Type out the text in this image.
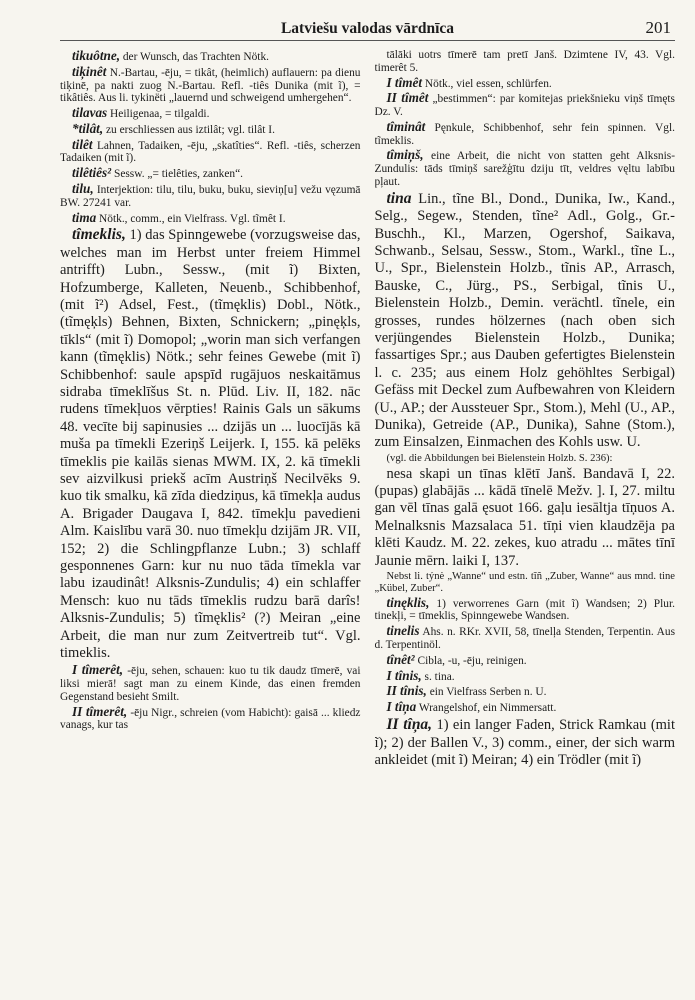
Latviešu valodas vārdnīca	201

tikuôtne, der Wunsch, das Trachten Nötk.

tiķinêt N.-Bartau, -ēju, = tikât, (heimlich) auflauern: pa dienu tiķinē, pa nakti zuog N.-Bartau. Refl. -tiês Dunika (mit ĩ), = tikâtiês. Aus li. tykinëti „lauernd und schweigend umhergehen“.

tilavas Heiligenaa, = tilgaldi.

*tilât, zu erschliessen aus iztilât; vgl. tilât I.

tilêt Lahnen, Tadaiken, -ēju, „skatîties“. Refl. -tiês, scherzen Tadaiken (mit ĩ).

tilêtiês² Sessw. „= tielêties, zanken“.

tilu, Interjektion: tilu, tilu, buku, buku, sieviņ[u] vežu vęzumā BW. 27241 var.

tima Nötk., comm., ein Vielfrass. Vgl. tĩmêt I.

tîmeklis, 1) das Spinngewebe (vorzugsweise das, welches man im Herbst unter freiem Himmel antrifft) Lubn., Sessw., (mit ĩ) Bixten, Hofzumberge, Kalleten, Neuenb., Schibbenhof, (mit ĩ²) Adsel, Fest., (tĩmęklis) Dobl., Nötk., (tĩmęķls) Behnen, Bixten, Schnickern; „pinęķls, tīkls“ (mit ĩ) Domopol; „worin man sich verfangen kann (tĩmęklis) Nötk.; sehr feines Gewebe (mit ĩ) Schibbenhof: saule apspīd rugājuos neskaitāmus sidraba tīmeklīšus St. n. Plūd. Liv. II, 182. nāc rudens tīmekļuos vērpties! Rainis Gals un sākums 48. vecīte bij sapinusies ... dzijās un ... luocījās kā muša pa tīmekli Ezeriņš Leijerk. I, 155. kā pelēks tīmeklis pie kailās sienas MWM. IX, 2. kā tīmekli sev aizvilkusi priekš acīm Austriņš Necilvēks 9. kuo tik smalku, kā zīda diedziņus, kā tīmekļa audus A. Brigader Daugava I, 842. tīmekļu pavedieni Alm. Kaislību varā 30. nuo tīmekļu dzijām JR. VII, 152; 2) die Schlingpflanze Lubn.; 3) schlaff gesponnenes Garn: kur nu nuo tāda tīmekla var labu izaudinât! Alksnis-Zundulis; 4) ein schlaffer Mensch: kuo nu tāds tīmeklis rudzu barā darîs! Alksnis-Zundulis; 5) tĩmęklis² (?) Meiran „eine Arbeit, die man nur zum Zeitvertreib tut“. Vgl. timeklis.

I tîmerêt, -ēju, sehen, schauen: kuo tu tik daudz tīmerē, vai liksi mierā! sagt man zu einem Kinde, das einen fremden Gegenstand besieht Smilt.

II tîmerêt, -ēju Nigr., schreien (vom Habicht): gaisā ... kliedz vanags, kur tas

tālāki uotrs tīmerē tam pretī Janš. Dzimtene IV, 43. Vgl. timerêt 5.

I tîmêt Nötk., viel essen, schlürfen.

II tîmêt „bestimmen“: par komitejas priekšnieku viņš tīmęts Dz. V.

tîminât Pęnkule, Schibbenhof, sehr fein spinnen. Vgl. tĩmeklis.

tîmiņš, eine Arbeit, die nicht von statten geht Alksnis-Zundulis: tāds tīmiņš sarežģītu dziju tīt, veldres vęltu labību pļaut.

tina Lin., tĩne Bl., Dond., Dunika, Iw., Kand., Selg., Segew., Stenden, tĩne² Adl., Golg., Gr.-Buschh., Kl., Marzen, Ogershof, Saikava, Schwanb., Selsau, Sessw., Stom., Warkl., tĩne L., U., Spr., Bielenstein Holzb., tĩnis AP., Arrasch, Bauske, C., Jürg., PS., Serbigal, tĩnis U., Bielenstein Holzb., Demin. verächtl. tĩnele, ein grosses, rundes hölzernes (nach oben sich verjüngendes Bielenstein Holzb., Dunika; fassartiges Spr.; aus Dauben gefertigtes Bielenstein l. c. 235; aus einem Holz gehöhltes Serbigal) Gefäss mit Deckel zum Aufbewahren von Kleidern (U., AP.; der Aussteuer Spr., Stom.), Mehl (U., AP., Dunika), Getreide (AP., Dunika), Sahne (Stom.), zum Einsalzen, Einmachen des Kohls usw. U.

(vgl. die Abbildungen bei Bielenstein Holzb. S. 236):

nesa skapi un tīnas klētī Janš. Bandavā I, 22. (pupas) glabājās ... kādā tīnelē Mežv. ]. I, 27. miltu gan vēl tīnas galā ęsuot 166. gaļu iesāltja tīņuos A. Melnalksnis Mazsalaca 51. tīņi vien klaudzēja pa klēti Kaudz. M. 22. zekes, kuo atradu ... mātes tīnī Jaunie mērn. laiki I, 137.

Nebst li. týnė „Wanne“ und estn. tĩñ „Zuber, Wanne“ aus mnd. tine „Kübel, Zuber“.

tinęklis, 1) verworrenes Garn (mit ĩ) Wandsen; 2) Plur. tinekļi, = tīmeklis, Spinngewebe Wandsen.

tinelis Ahs. n. RKr. XVII, 58, tīnelļa Stenden, Terpentin. Aus d. Terpentinöl.

tînêt² Cibla, -u, -ēju, reinigen.

I tînis, s. tina.

II tînis, ein Vielfrass Serben n. U.

I tîņa Wrangelshof, ein Nimmersatt.

II tîņa, 1) ein langer Faden, Strick Ramkau (mit ĩ); 2) der Ballen V., 3) comm., einer, der sich warm ankleidet (mit ĩ) Meiran; 4) ein Trödler (mit ĩ)
